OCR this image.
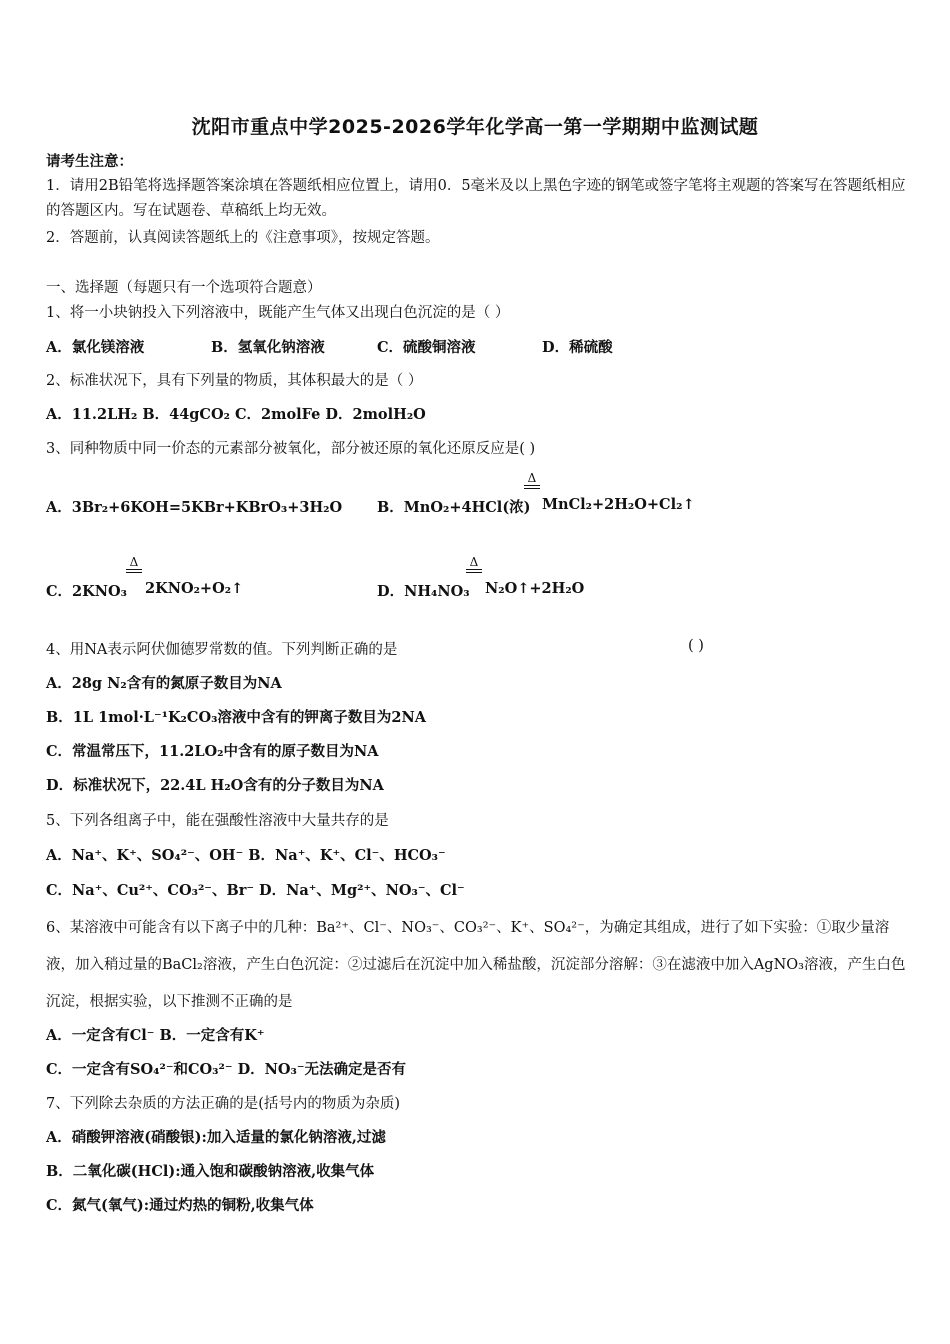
沈阳市重点中学2025-2026学年化学高一第一学期期中监测试题
请考生注意：
1．请用2B铅笔将选择题答案涂填在答题纸相应位置上，请用0．5毫米及以上黑色字迹的钢笔或签字笔将主观题的答案写在答题纸相应的答题区内。写在试题卷、草稿纸上均无效。
2．答题前，认真阅读答题纸上的《注意事项》，按规定答题。
一、选择题（每题只有一个选项符合题意）
1、将一小块钠投入下列溶液中，既能产生气体又出现白色沉淀的是（ ）
A．氯化镁溶液	B．氢氧化钠溶液	C．硫酸铜溶液	D．稀硫酸
2、标准状况下，具有下列量的物质，其体积最大的是（ ）
A．11.2LH₂ B．44gCO₂ C．2molFe D．2molH₂O
3、同种物质中同一价态的元素部分被氧化，部分被还原的氧化还原反应是( )
Δ
A．3Br₂+6KOH=5KBr+KBrO₃+3H₂O B．MnO₂+4HCl(浓) MnCl₂+2H₂O+Cl₂↑
Δ	Δ
C．2KNO₃ 2KNO₂+O₂↑	D．NH₄NO₃ N₂O↑+2H₂O
4、用NA表示阿伏伽德罗常数的值。下列判断正确的是	( )
A．28g N₂含有的氮原子数目为NA
B．1L 1mol·L⁻¹K₂CO₃溶液中含有的钾离子数目为2NA
C．常温常压下，11.2LO₂中含有的原子数目为NA
D．标准状况下，22.4L H₂O含有的分子数目为NA
5、下列各组离子中，能在强酸性溶液中大量共存的是
A．Na⁺、K⁺、SO₄²⁻、OH⁻ B．Na⁺、K⁺、Cl⁻、HCO₃⁻
C．Na⁺、Cu²⁺、CO₃²⁻、Br⁻ D．Na⁺、Mg²⁺、NO₃⁻、Cl⁻
6、某溶液中可能含有以下离子中的几种：Ba²⁺、Cl⁻、NO₃⁻、CO₃²⁻、K⁺、SO₄²⁻，为确定其组成，进行了如下实验：①取少量溶液，加入稍过量的BaCl₂溶液，产生白色沉淀：②过滤后在沉淀中加入稀盐酸，沉淀部分溶解：③在滤液中加入AgNO₃溶液，产生白色沉淀，根据实验，以下推测不正确的是
A．一定含有Cl⁻ B．一定含有K⁺
C．一定含有SO₄²⁻和CO₃²⁻ D．NO₃⁻无法确定是否有
7、下列除去杂质的方法正确的是(括号内的物质为杂质)
A．硝酸钾溶液(硝酸银):加入适量的氯化钠溶液,过滤
B．二氧化碳(HCl):通入饱和碳酸钠溶液,收集气体
C．氮气(氧气):通过灼热的铜粉,收集气体
